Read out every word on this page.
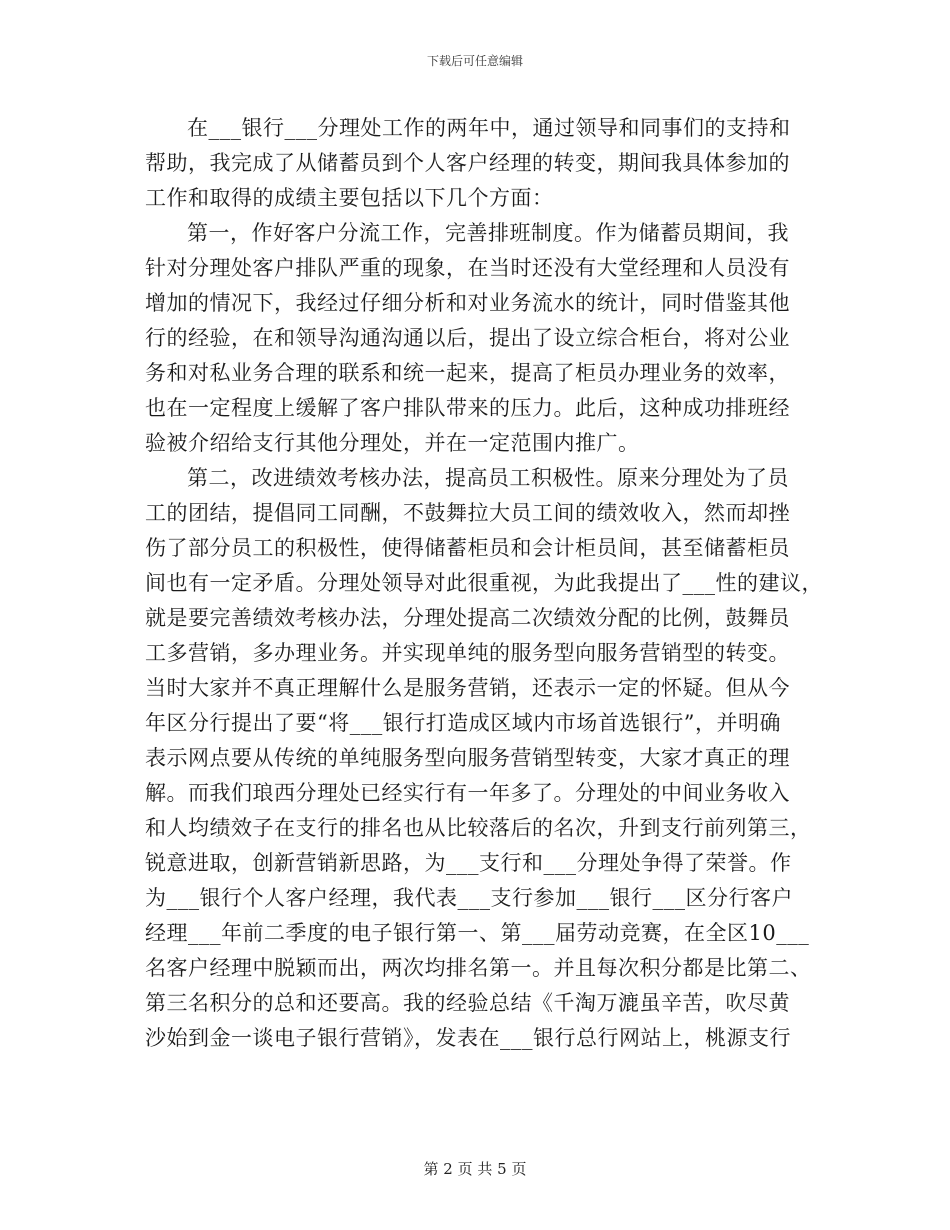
下载后可任意编辑
在___银行___分理处工作的两年中，通过领导和同事们的支持和
帮助，我完成了从储蓄员到个人客户经理的转变，期间我具体参加的
工作和取得的成绩主要包括以下几个方面：
第一，作好客户分流工作，完善排班制度。作为储蓄员期间，我
针对分理处客户排队严重的现象，在当时还没有大堂经理和人员没有
增加的情况下，我经过仔细分析和对业务流水的统计，同时借鉴其他
行的经验，在和领导沟通沟通以后，提出了设立综合柜台，将对公业
务和对私业务合理的联系和统一起来，提高了柜员办理业务的效率，
也在一定程度上缓解了客户排队带来的压力。此后，这种成功排班经
验被介绍给支行其他分理处，并在一定范围内推广。
第二，改进绩效考核办法，提高员工积极性。原来分理处为了员
工的团结，提倡同工同酬，不鼓舞拉大员工间的绩效收入，然而却挫
伤了部分员工的积极性，使得储蓄柜员和会计柜员间，甚至储蓄柜员
间也有一定矛盾。分理处领导对此很重视，为此我提出了___性的建议，
就是要完善绩效考核办法，分理处提高二次绩效分配的比例，鼓舞员
工多营销，多办理业务。并实现单纯的服务型向服务营销型的转变。
当时大家并不真正理解什么是服务营销，还表示一定的怀疑。但从今
年区分行提出了要“将___银行打造成区域内市场首选银行”，并明确
表示网点要从传统的单纯服务型向服务营销型转变，大家才真正的理
解。而我们琅西分理处已经实行有一年多了。分理处的中间业务收入
和人均绩效子在支行的排名也从比较落后的名次，升到支行前列第三，
锐意进取，创新营销新思路，为___支行和___分理处争得了荣誉。作
为___银行个人客户经理，我代表___支行参加___银行___区分行客户
经理___年前二季度的电子银行第一、第___届劳动竞赛，在全区10___
名客户经理中脱颖而出，两次均排名第一。并且每次积分都是比第二、
第三名积分的总和还要高。我的经验总结《千淘万漉虽辛苦，吹尽黄
沙始到金一谈电子银行营销》，发表在___银行总行网站上，桃源支行
第 2 页 共 5 页
